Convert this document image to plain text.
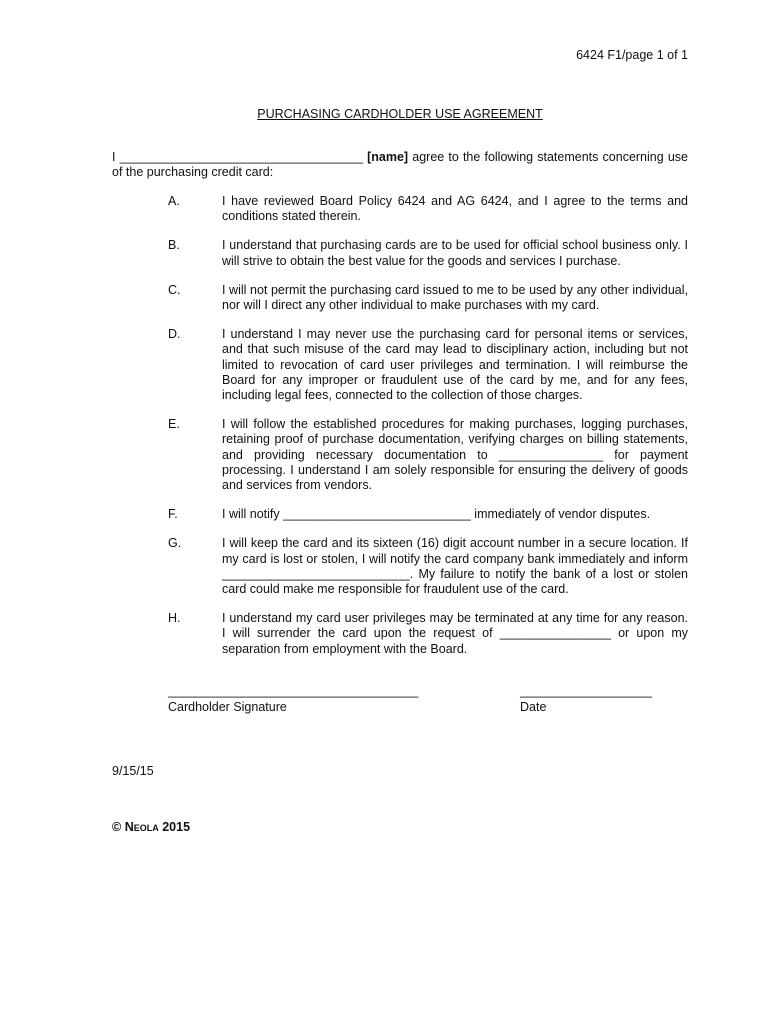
6424 F1/page 1 of 1
PURCHASING CARDHOLDER USE AGREEMENT
I ___________________________________ [name] agree to the following statements concerning use of the purchasing credit card:
A.	I have reviewed Board Policy 6424 and AG 6424, and I agree to the terms and conditions stated therein.
B.	I understand that purchasing cards are to be used for official school business only. I will strive to obtain the best value for the goods and services I purchase.
C.	I will not permit the purchasing card issued to me to be used by any other individual, nor will I direct any other individual to make purchases with my card.
D.	I understand I may never use the purchasing card for personal items or services, and that such misuse of the card may lead to disciplinary action, including but not limited to revocation of card user privileges and termination. I will reimburse the Board for any improper or fraudulent use of the card by me, and for any fees, including legal fees, connected to the collection of those charges.
E.	I will follow the established procedures for making purchases, logging purchases, retaining proof of purchase documentation, verifying charges on billing statements, and providing necessary documentation to _______________ for payment processing. I understand I am solely responsible for ensuring the delivery of goods and services from vendors.
F.	I will notify ___________________________ immediately of vendor disputes.
G.	I will keep the card and its sixteen (16) digit account number in a secure location. If my card is lost or stolen, I will notify the card company bank immediately and inform ___________________________. My failure to notify the bank of a lost or stolen card could make me responsible for fraudulent use of the card.
H.	I understand my card user privileges may be terminated at any time for any reason. I will surrender the card upon the request of ________________ or upon my separation from employment with the Board.
____________________________________
Cardholder Signature
___________________
Date
9/15/15
© Neola 2015
